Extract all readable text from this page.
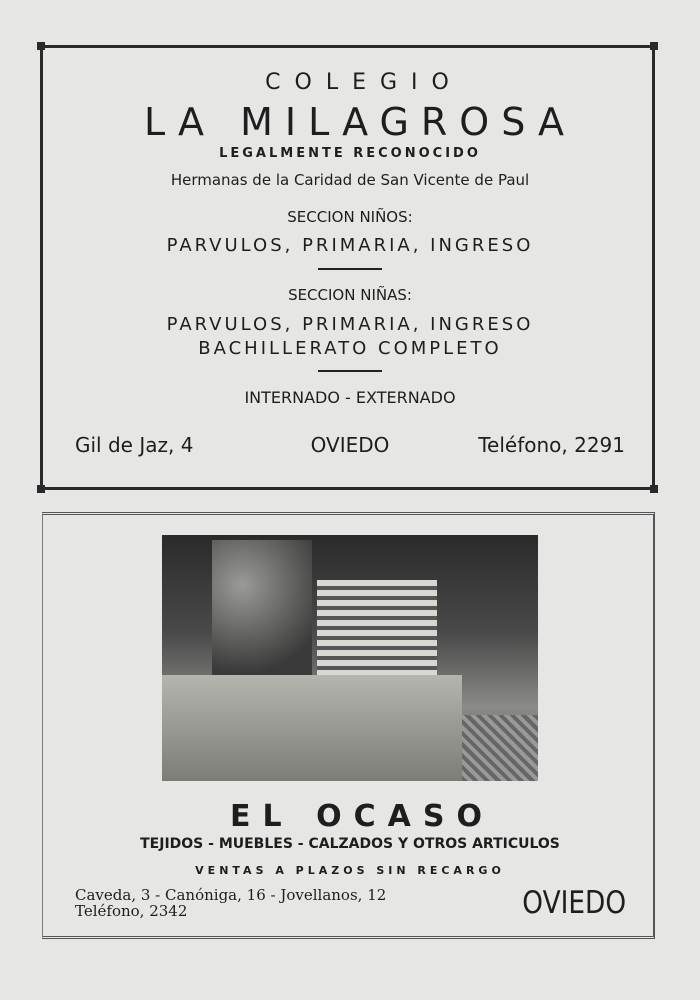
COLEGIO
LA MILAGROSA
LEGALMENTE RECONOCIDO
Hermanas de la Caridad de San Vicente de Paul
SECCION NIÑOS:
PARVULOS, PRIMARIA, INGRESO
SECCION NIÑAS:
PARVULOS, PRIMARIA, INGRESO
BACHILLERATO COMPLETO
INTERNADO - EXTERNADO
Gil de Jaz, 4	OVIEDO	Teléfono, 2291
EL OCASO
TEJIDOS - MUEBLES - CALZADOS Y OTROS ARTICULOS
VENTAS A PLAZOS SIN RECARGO
Caveda, 3 - Canóniga, 16 - Jovellanos, 12
Teléfono, 2342	OVIEDO
